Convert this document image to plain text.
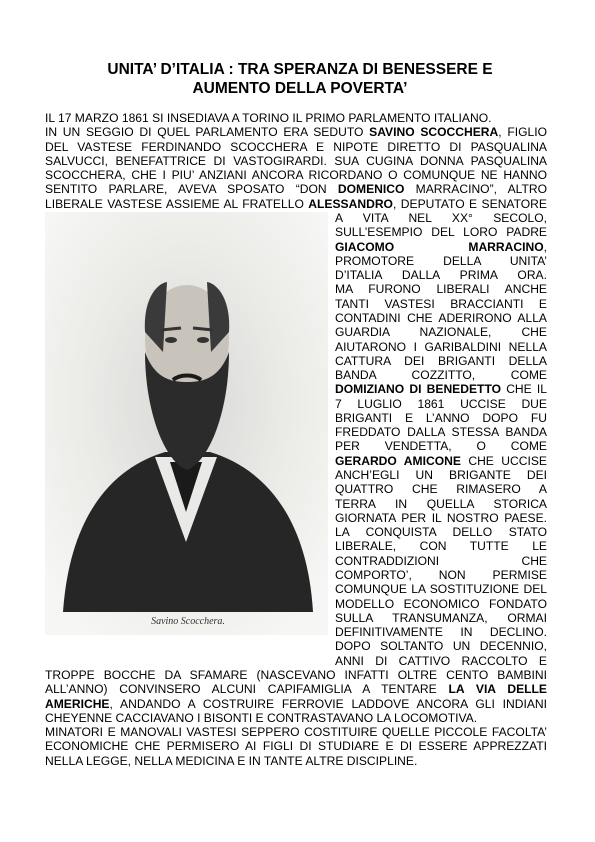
UNITA’ D’ITALIA : TRA SPERANZA DI BENESSERE E
AUMENTO DELLA POVERTA’
Savino Scocchera.
IL 17 MARZO 1861 SI INSEDIAVA A TORINO IL PRIMO PARLAMENTO ITALIANO.
IN UN SEGGIO DI QUEL PARLAMENTO ERA SEDUTO SAVINO SCOCCHERA, FIGLIO
DEL VASTESE FERDINANDO SCOCCHERA E NIPOTE DIRETTO DI PASQUALINA
SALVUCCI, BENEFATTRICE DI VASTOGIRARDI. SUA CUGINA DONNA PASQUALINA
SCOCCHERA, CHE I PIU’ ANZIANI ANCORA RICORDANO O COMUNQUE NE HANNO
SENTITO PARLARE, AVEVA SPOSATO “DON DOMENICO MARRACINO”, ALTRO
LIBERALE VASTESE ASSIEME AL FRATELLO ALESSANDRO, DEPUTATO E SENATORE
A VITA NEL XX° SECOLO,
SULL’ESEMPIO DEL LORO PADRE
GIACOMO MARRACINO,
PROMOTORE DELLA UNITA’
D’ITALIA DALLA PRIMA ORA.
MA FURONO LIBERALI ANCHE
TANTI VASTESI BRACCIANTI E
CONTADINI CHE ADERIRONO ALLA
GUARDIA NAZIONALE, CHE
AIUTARONO I GARIBALDINI NELLA
CATTURA DEI BRIGANTI DELLA
BANDA COZZITTO, COME
DOMIZIANO DI BENEDETTO CHE IL
7 LUGLIO 1861 UCCISE DUE
BRIGANTI E L’ANNO DOPO FU
FREDDATO DALLA STESSA BANDA
PER VENDETTA, O COME
GERARDO AMICONE CHE UCCISE
ANCH’EGLI UN BRIGANTE DEI
QUATTRO CHE RIMASERO A
TERRA IN QUELLA STORICA
GIORNATA PER IL NOSTRO PAESE.
LA CONQUISTA DELLO STATO
LIBERALE, CON TUTTE LE
CONTRADDIZIONI CHE
COMPORTO’, NON PERMISE
COMUNQUE LA SOSTITUZIONE DEL
MODELLO ECONOMICO FONDATO
SULLA TRANSUMANZA, ORMAI
DEFINITIVAMENTE IN DECLINO.
DOPO SOLTANTO UN DECENNIO,
ANNI DI CATTIVO RACCOLTO E
TROPPE BOCCHE DA SFAMARE (NASCEVANO INFATTI OLTRE CENTO BAMBINI
ALL’ANNO) CONVINSERO ALCUNI CAPIFAMIGLIA A TENTARE LA VIA DELLE
AMERICHE, ANDANDO A COSTRUIRE FERROVIE LADDOVE ANCORA GLI INDIANI
CHEYENNE CACCIAVANO I BISONTI E CONTRASTAVANO LA LOCOMOTIVA.
MINATORI E MANOVALI VASTESI SEPPERO COSTITUIRE QUELLE PICCOLE FACOLTA’
ECONOMICHE CHE PERMISERO AI FIGLI DI STUDIARE E DI ESSERE APPREZZATI
NELLA LEGGE, NELLA MEDICINA E IN TANTE ALTRE DISCIPLINE.
